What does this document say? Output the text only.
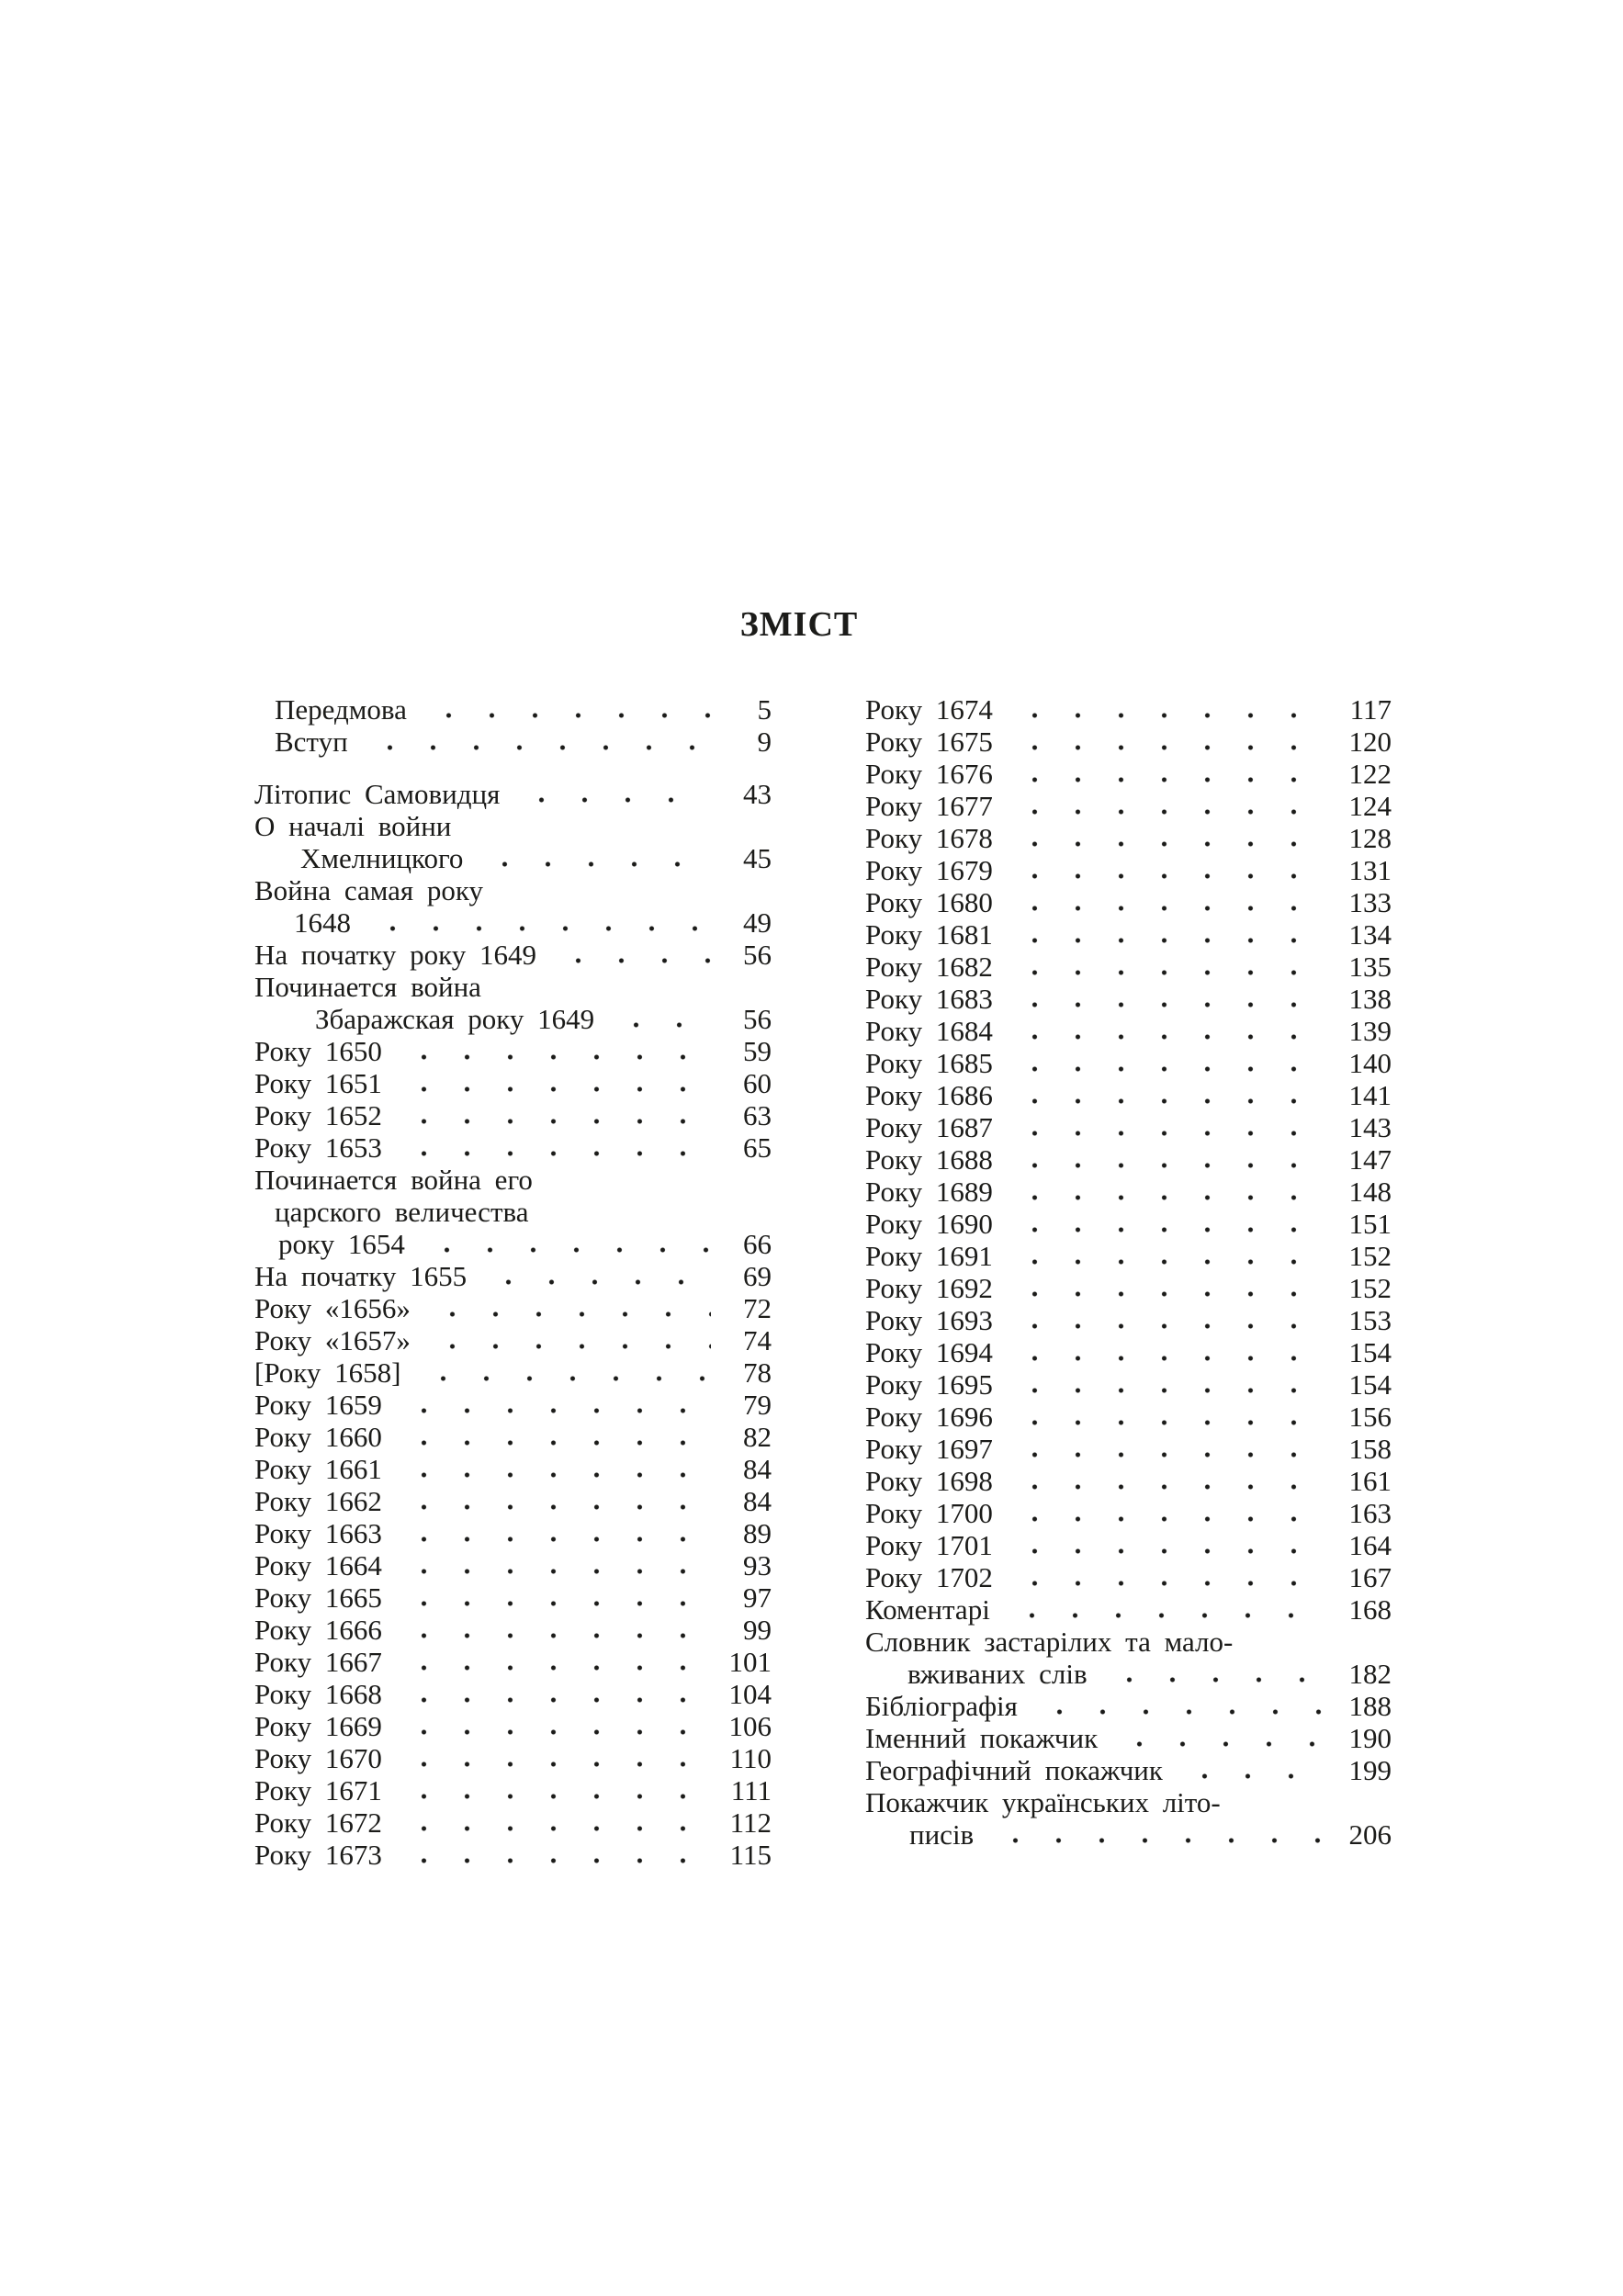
ЗМІСТ
Передмова	5
Вступ	9
Літопис Самовидця	43
О началі войни
Хмелницкого	45
Война самая року
1648	49
На початку року 1649	56
Починается война
Збаражская року 1649	56
Року 1650	59
Року 1651	60
Року 1652	63
Року 1653	65
Починается война его
царского величества
року 1654	66
На початку 1655	69
Року «1656»	72
Року «1657»	74
[Року 1658]	78
Року 1659	79
Року 1660	82
Року 1661	84
Року 1662	84
Року 1663	89
Року 1664	93
Року 1665	97
Року 1666	99
Року 1667	101
Року 1668	104
Року 1669	106
Року 1670	110
Року 1671	111
Року 1672	112
Року 1673	115
Року 1674	117
Року 1675	120
Року 1676	122
Року 1677	124
Року 1678	128
Року 1679	131
Року 1680	133
Року 1681	134
Року 1682	135
Року 1683	138
Року 1684	139
Року 1685	140
Року 1686	141
Року 1687	143
Року 1688	147
Року 1689	148
Року 1690	151
Року 1691	152
Року 1692	152
Року 1693	153
Року 1694	154
Року 1695	154
Року 1696	156
Року 1697	158
Року 1698	161
Року 1700	163
Року 1701	164
Року 1702	167
Коментарі	168
Словник застарілих та мало-
вживаних слів	182
Бібліографія	188
Іменний покажчик	190
Географічний покажчик	199
Покажчик українських літо-
писів	206
